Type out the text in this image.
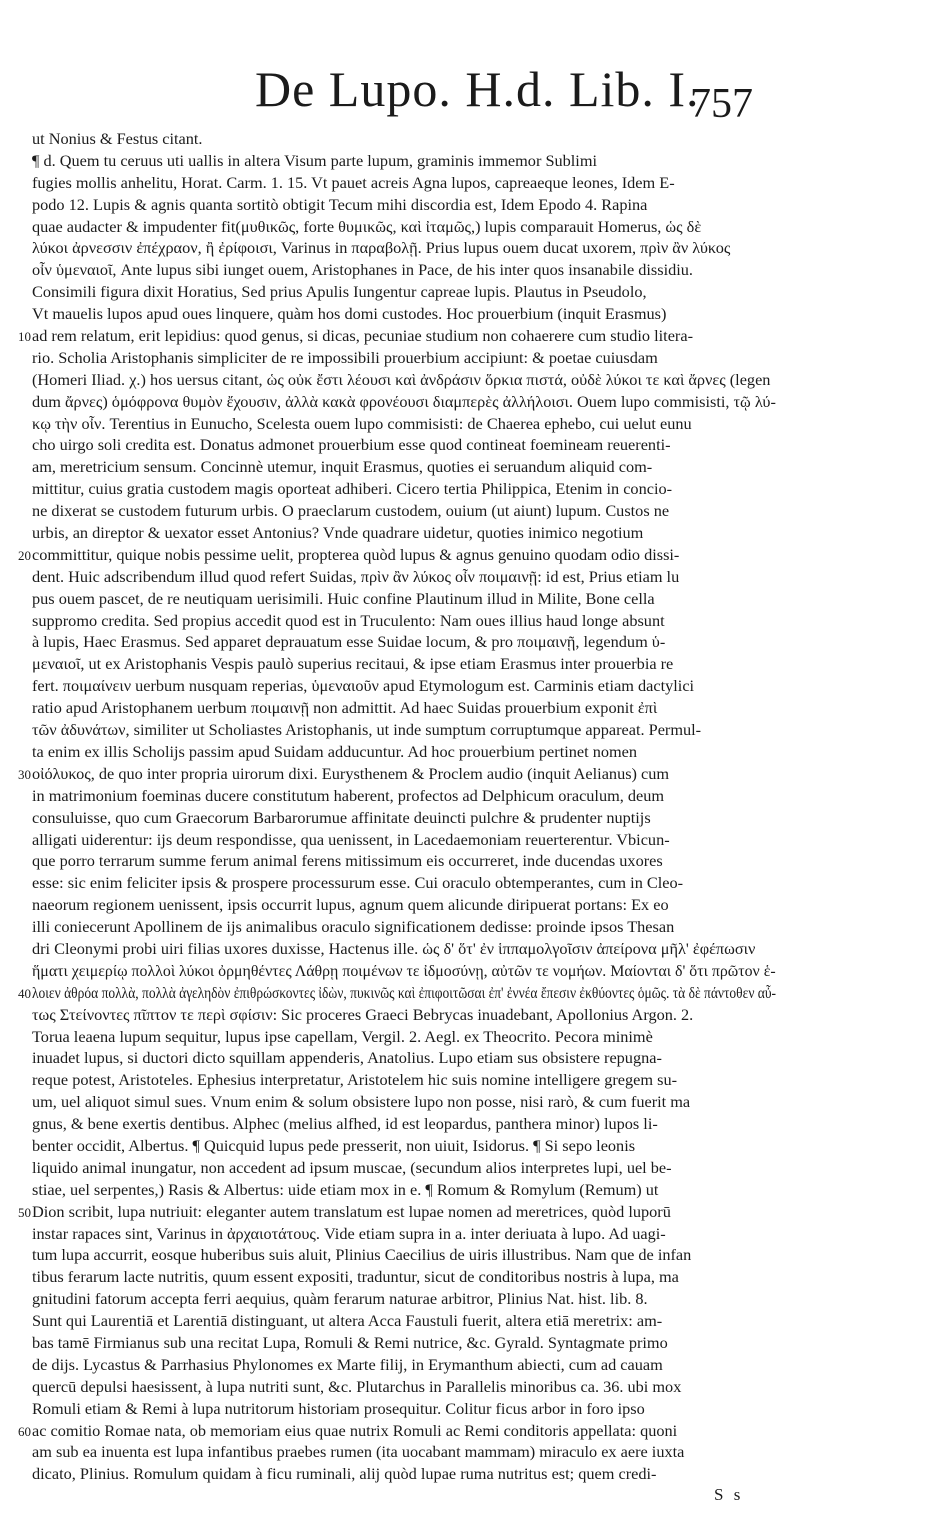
De Lupo. H.d. Lib. I.
757
ut Nonius & Festus citant.
¶ d. Quem tu ceruus uti uallis in altera Visum parte lupum, graminis immemor Sublimi
fugies mollis anhelitu, Horat. Carm. 1. 15. Vt pauet acreis Agna lupos, capreaeque leones, Idem E-
podo 12. Lupis & agnis quanta sortitò obtigit Tecum mihi discordia est, Idem Epodo 4. Rapina
quae audacter & impudenter fit(μυθικῶς, forte θυμικῶς, καὶ ἰταμῶς,) lupis comparauit Homerus, ὡς δὲ
λύκοι ἀρνεσσιν ἐπέχραον, ἢ ἐρίφοισι, Varinus in παραβολῇ. Prius lupus ouem ducat uxorem, πρὶν ἂν λύκος
οἶν ὑμεναιοῖ, Ante lupus sibi iunget ouem, Aristophanes in Pace, de his inter quos insanabile dissidiu.
Consimili figura dixit Horatius, Sed prius Apulis Iungentur capreae lupis. Plautus in Pseudolo,
Vt mauelis lupos apud oues linquere, quàm hos domi custodes. Hoc prouerbium (inquit Erasmus)
10 ad rem relatum, erit lepidius: quod genus, si dicas, pecuniae studium non cohaerere cum studio litera-
rio. Scholia Aristophanis simpliciter de re impossibili prouerbium accipiunt: & poetae cuiusdam
(Homeri Iliad. χ.) hos uersus citant, ὡς οὐκ ἔστι λέουσι καὶ ἀνδράσιν ὅρκια πιστά, οὐδὲ λύκοι τε καὶ ἄρνες (legen
dum ἄρνες) ὁμόφρονα θυμὸν ἔχουσιν, ἀλλὰ κακὰ φρονέουσι διαμπερὲς ἀλλήλοισι. Ouem lupo commisisti, τῷ λύ-
κῳ τὴν οἶν. Terentius in Eunucho, Scelesta ouem lupo commisisti: de Chaerea ephebo, cui uelut eunu
cho uirgo soli credita est. Donatus admonet prouerbium esse quod contineat foemineam reuerenti-
am, meretricium sensum. Concinnè utemur, inquit Erasmus, quoties ei seruandum aliquid com-
mittitur, cuius gratia custodem magis oporteat adhiberi. Cicero tertia Philippica, Etenim in concio-
ne dixerat se custodem futurum urbis. O praeclarum custodem, ouium (ut aiunt) lupum. Custos ne
urbis, an direptor & uexator esset Antonius? Vnde quadrare uidetur, quoties inimico negotium
20 committitur, quique nobis pessime uelit, propterea quòd lupus & agnus genuino quodam odio dissi-
dent. Huic adscribendum illud quod refert Suidas, πρὶν ἂν λύκος οἶν ποιμαινῇ: id est, Prius etiam lu
pus ouem pascet, de re neutiquam uerisimili. Huic confine Plautinum illud in Milite, Bone cella
suppromo credita. Sed propius accedit quod est in Truculento: Nam oues illius haud longe absunt
à lupis, Haec Erasmus. Sed apparet deprauatum esse Suidae locum, & pro ποιμαινῇ, legendum ὑ-
μεναιοῖ, ut ex Aristophanis Vespis paulò superius recitaui, & ipse etiam Erasmus inter prouerbia re
fert. ποιμαίνειν uerbum nusquam reperias, ὑμεναιοῦν apud Etymologum est. Carminis etiam dactylici
ratio apud Aristophanem uerbum ποιμαινῇ non admittit. Ad haec Suidas prouerbium exponit ἐπὶ
τῶν ἀδυνάτων, similiter ut Scholiastes Aristophanis, ut inde sumptum corruptumque appareat. Permul-
ta enim ex illis Scholijs passim apud Suidam adducuntur. Ad hoc prouerbium pertinet nomen
30 οἰόλυκος, de quo inter propria uirorum dixi. Eurysthenem & Proclem audio (inquit Aelianus) cum
in matrimonium foeminas ducere constitutum haberent, profectos ad Delphicum oraculum, deum
consuluisse, quo cum Graecorum Barbarorumue affinitate deuincti pulchre & prudenter nuptijs
alligati uiderentur: ijs deum respondisse, qua uenissent, in Lacedaemoniam reuerterentur. Vbicun-
que porro terrarum summe ferum animal ferens mitissimum eis occurreret, inde ducendas uxores
esse: sic enim feliciter ipsis & prospere processurum esse. Cui oraculo obtemperantes, cum in Cleo-
naeorum regionem uenissent, ipsis occurrit lupus, agnum quem alicunde diripuerat portans: Ex eo
illi coniecerunt Apollinem de ijs animalibus oraculo significationem dedisse: proinde ipsos Thesan
dri Cleonymi probi uiri filias uxores duxisse, Hactenus ille. ὡς δ' ὅτ' ἐν ἱππαμολγοῖσιν ἀπείρονα μῆλ' ἐφέπωσιν
ἥματι χειμερίῳ πολλοὶ λύκοι ὀρμηθέντες Λάθρῃ ποιμένων τε ἰδμοσύνῃ, αὐτῶν τε νομήων. Μαίονται δ' ὅτι πρῶτον ἑ-
40 λοιεν ἀθρόα πολλὰ, πολλὰ ἀγεληδὸν ἐπιθρώσκοντες ἰδὼν, πυκινῶς καὶ ἐπιφοιτῶσαι ἐπ' ἐννέα ἔπεσιν ἐκθύοντες ὁμῶς. τὰ δὲ πάντοθεν αὖ-
τως Στείνοντες πῖπτον τε περὶ σφίσιν: Sic proceres Graeci Bebrycas inuadebant, Apollonius Argon. 2.
Torua leaena lupum sequitur, lupus ipse capellam, Vergil. 2. Aegl. ex Theocrito. Pecora minimè
inuadet lupus, si ductori dicto squillam appenderis, Anatolius. Lupo etiam sus obsistere repugna-
reque potest, Aristoteles. Ephesius interpretatur, Aristotelem hic suis nomine intelligere gregem su-
um, uel aliquot simul sues. Vnum enim & solum obsistere lupo non posse, nisi rarò, & cum fuerit ma
gnus, & bene exertis dentibus. Alphec (melius alfhed, id est leopardus, panthera minor) lupos li-
benter occidit, Albertus. ¶ Quicquid lupus pede presserit, non uiuit, Isidorus. ¶ Si sepo leonis
liquido animal inungatur, non accedent ad ipsum muscae, (secundum alios interpretes lupi, uel be-
stiae, uel serpentes,) Rasis & Albertus: uide etiam mox in e. ¶ Romum & Romylum (Remum) ut
50 Dion scribit, lupa nutriuit: eleganter autem translatum est lupae nomen ad meretrices, quòd luporū
instar rapaces sint, Varinus in ἀρχαιοτάτους. Vide etiam supra in a. inter deriuata à lupo. Ad uagi-
tum lupa accurrit, eosque huberibus suis aluit, Plinius Caecilius de uiris illustribus. Nam que de infan
tibus ferarum lacte nutritis, quum essent expositi, traduntur, sicut de conditoribus nostris à lupa, ma
gnitudini fatorum accepta ferri aequius, quàm ferarum naturae arbitror, Plinius Nat. hist. lib. 8.
Sunt qui Laurentiā et Larentiā distinguant, ut altera Acca Faustuli fuerit, altera etiā meretrix: am-
bas tamē Firmianus sub una recitat Lupa, Romuli & Remi nutrice, &c. Gyrald. Syntagmate primo
de dijs. Lycastus & Parrhasius Phylonomes ex Marte filij, in Erymanthum abiecti, cum ad cauam
quercū depulsi haesissent, à lupa nutriti sunt, &c. Plutarchus in Parallelis minoribus ca. 36. ubi mox
Romuli etiam & Remi à lupa nutritorum historiam prosequitur. Colitur ficus arbor in foro ipso
60 ac comitio Romae nata, ob memoriam eius quae nutrix Romuli ac Remi conditoris appellata: quoni
am sub ea inuenta est lupa infantibus praebes rumen (ita uocabant mammam) miraculo ex aere iuxta
dicato, Plinius. Romulum quidam à ficu ruminali, alij quòd lupae ruma nutritus est; quem credi-
S s
